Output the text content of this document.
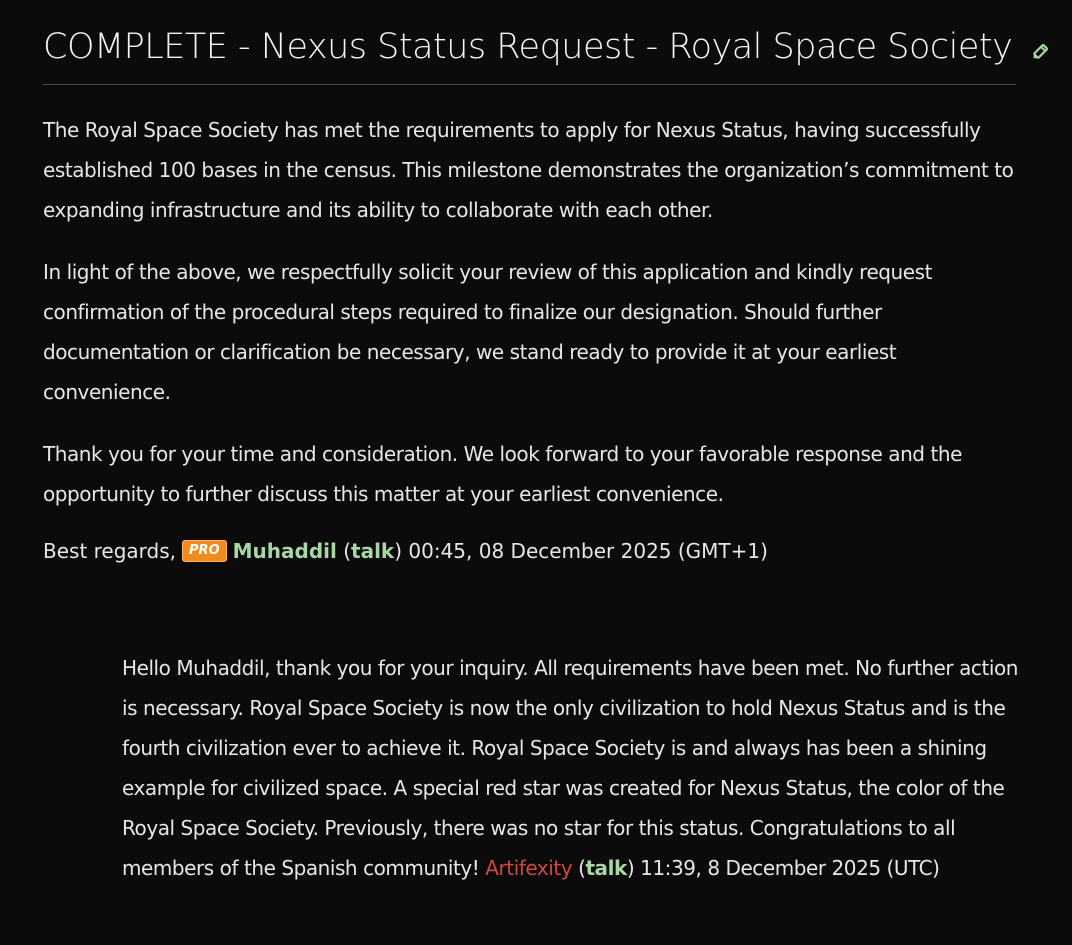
COMPLETE - Nexus Status Request - Royal Space Society

The Royal Space Society has met the requirements to apply for Nexus Status, having successfully established 100 bases in the census. This milestone demonstrates the organization’s commitment to expanding infrastructure and its ability to collaborate with each other.

In light of the above, we respectfully solicit your review of this application and kindly request confirmation of the procedural steps required to finalize our designation. Should further documentation or clarification be necessary, we stand ready to provide it at your earliest convenience.

Thank you for your time and consideration. We look forward to your favorable response and the opportunity to further discuss this matter at your earliest convenience.

Best regards,	PRO Muhaddil
( talk ) 00:45, 08 December 2025 (GMT+1)

Hello Muhaddil, thank you for your inquiry. All requirements have been met. No further action is necessary. Royal Space Society is now the only civilization to hold Nexus Status and is the fourth civilization ever to achieve it. Royal Space Society is and always has been a shining example for civilized space. A special red star was created for Nexus Status, the color of the Royal Space Society. Previously, there was no star for this status. Congratulations to all members of the Spanish community! Artifexity (talk) 11:39, 8 December 2025 (UTC)
